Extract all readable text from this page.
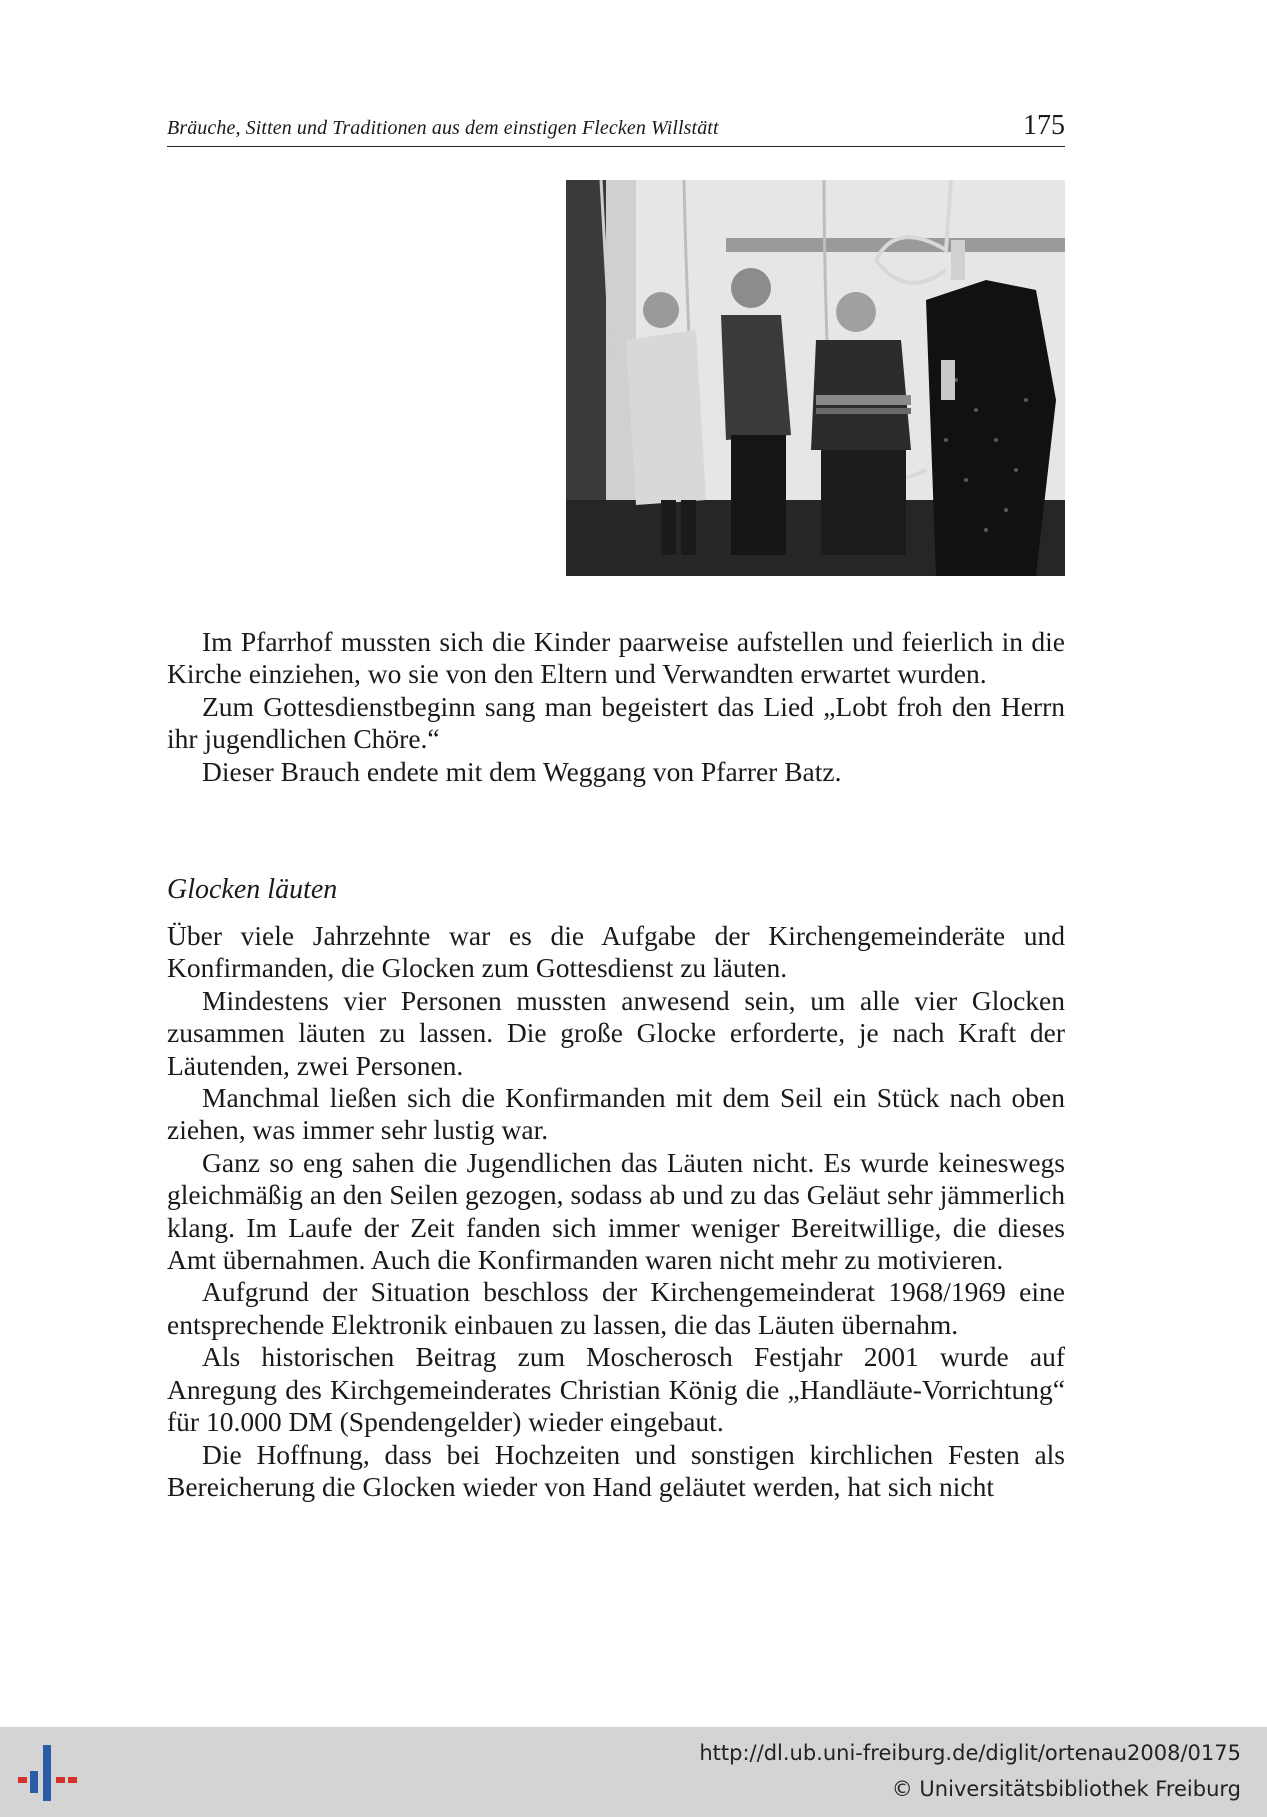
Bräuche, Sitten und Traditionen aus dem einstigen Flecken Willstätt	175

Im Pfarrhof mussten sich die Kinder paarweise aufstellen und feierlich in die Kirche einziehen, wo sie von den Eltern und Verwandten erwartet wurden.

Zum Gottesdienstbeginn sang man begeistert das Lied „Lobt froh den Herrn ihr jugendlichen Chöre.“

Dieser Brauch endete mit dem Weggang von Pfarrer Batz.

Glocken läuten

Über viele Jahrzehnte war es die Aufgabe der Kirchengemeinderäte und Konfirmanden, die Glocken zum Gottesdienst zu läuten.

Mindestens vier Personen mussten anwesend sein, um alle vier Glocken zusammen läuten zu lassen. Die große Glocke erforderte, je nach Kraft der Läutenden, zwei Personen.

Manchmal ließen sich die Konfirmanden mit dem Seil ein Stück nach oben ziehen, was immer sehr lustig war.

Ganz so eng sahen die Jugendlichen das Läuten nicht. Es wurde keineswegs gleichmäßig an den Seilen gezogen, sodass ab und zu das Geläut sehr jämmerlich klang. Im Laufe der Zeit fanden sich immer weniger Bereitwillige, die dieses Amt übernahmen. Auch die Konfirmanden waren nicht mehr zu motivieren.

Aufgrund der Situation beschloss der Kirchengemeinderat 1968/1969 eine entsprechende Elektronik einbauen zu lassen, die das Läuten übernahm.

Als historischen Beitrag zum Moscherosch Festjahr 2001 wurde auf Anregung des Kirchgemeinderates Christian König die „Handläute-Vorrichtung“ für 10.000 DM (Spendengelder) wieder eingebaut.

Die Hoffnung, dass bei Hochzeiten und sonstigen kirchlichen Festen als Bereicherung die Glocken wieder von Hand geläutet werden, hat sich nicht

http://dl.ub.uni-freiburg.de/diglit/ortenau2008/0175
© Universitätsbibliothek Freiburg
